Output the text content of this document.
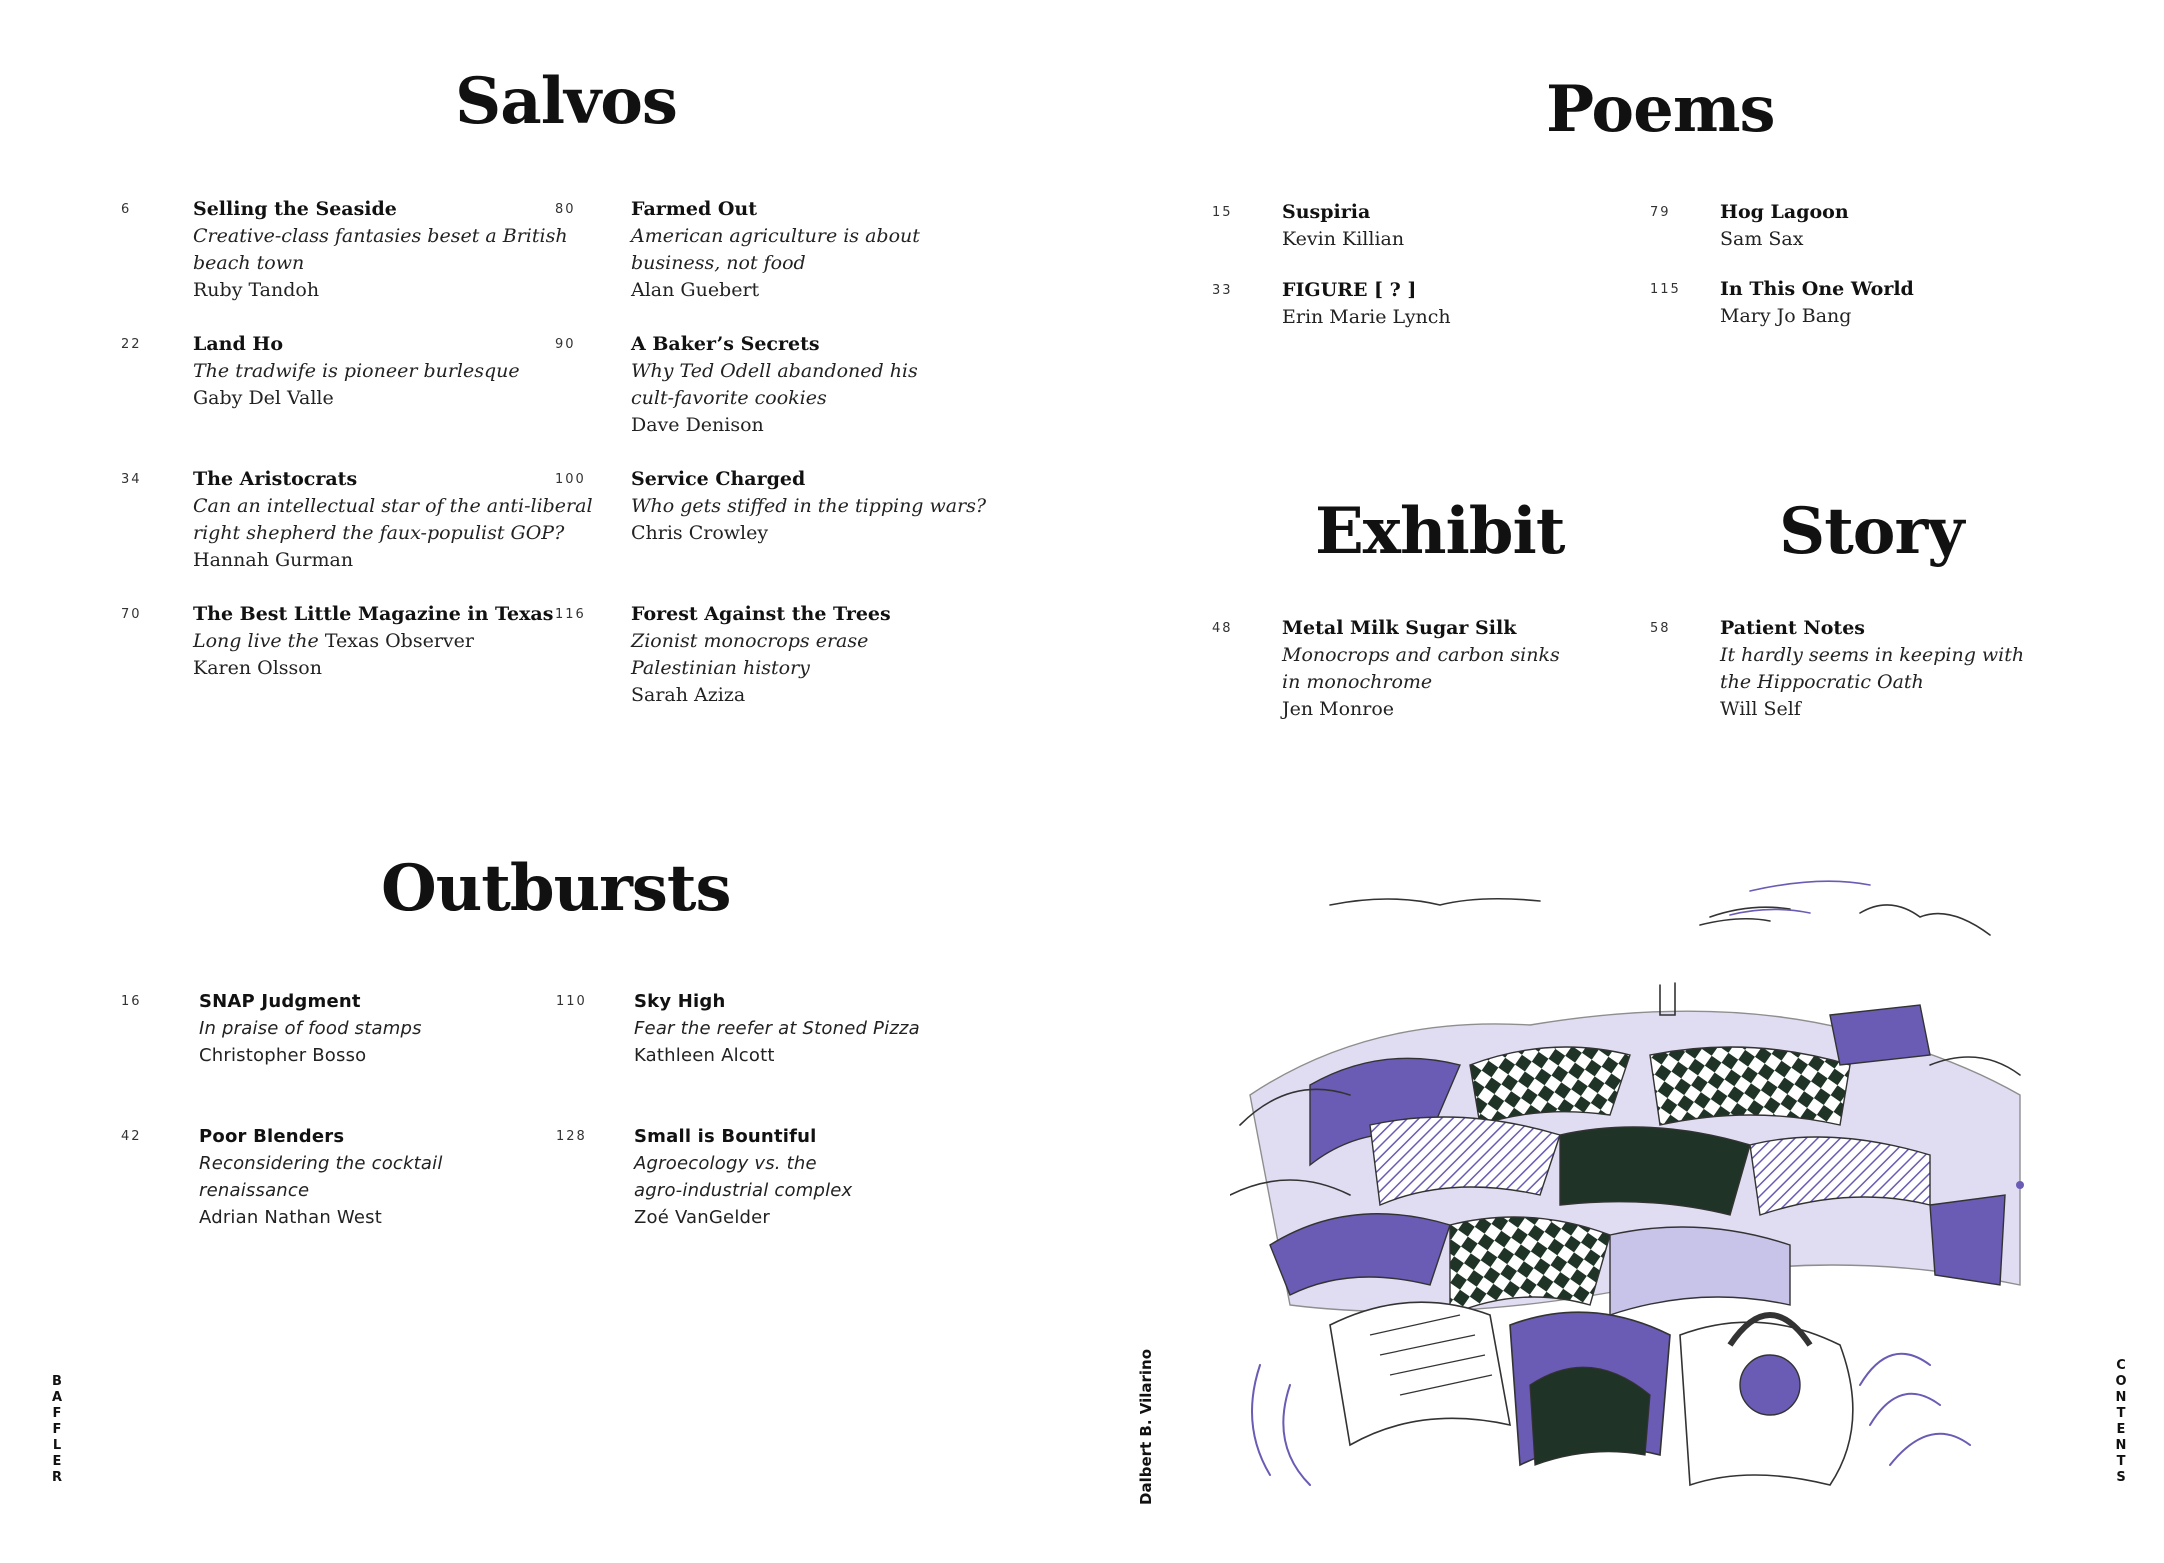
Salvos
6	Selling the Seaside
Creative-class fantasies beset a British
beach town
Ruby Tandoh
22	Land Ho
The tradwife is pioneer burlesque
Gaby Del Valle
34	The Aristocrats
Can an intellectual star of the anti-liberal
right shepherd the faux-populist GOP?
Hannah Gurman
70	The Best Little Magazine in Texas
Long live the Texas Observer
Karen Olsson
80	Farmed Out
American agriculture is about
business, not food
Alan Guebert
90	A Baker’s Secrets
Why Ted Odell abandoned his
cult-favorite cookies
Dave Denison
100 Service Charged
Who gets stiffed in the tipping wars?
Chris Crowley
116 Forest Against the Trees
Zionist monocrops erase
Palestinian history
Sarah Aziza
Poems
15	Suspiria
Kevin Killian
33	FIGURE [ ? ]
Erin Marie Lynch
79	Hog Lagoon
Sam Sax
115 In This One World
Mary Jo Bang
Exhibit	Story
48	Metal Milk Sugar Silk
Monocrops and carbon sinks
in monochrome
Jen Monroe
58	Patient Notes
It hardly seems in keeping with
the Hippocratic Oath
Will Self
Outbursts
16	SNAP Judgment
In praise of food stamps
Christopher Bosso
42	Poor Blenders
Reconsidering the cocktail
renaissance
Adrian Nathan West
110	Sky High
Fear the reefer at Stoned Pizza
Kathleen Alcott
128	Small is Bountiful
Agroecology vs. the
agro-industrial complex
Zoé VanGelder
B
A
F
F
L
E
R
C
O
N
T
E
N
T
S
Dalbert B. Vilarino
